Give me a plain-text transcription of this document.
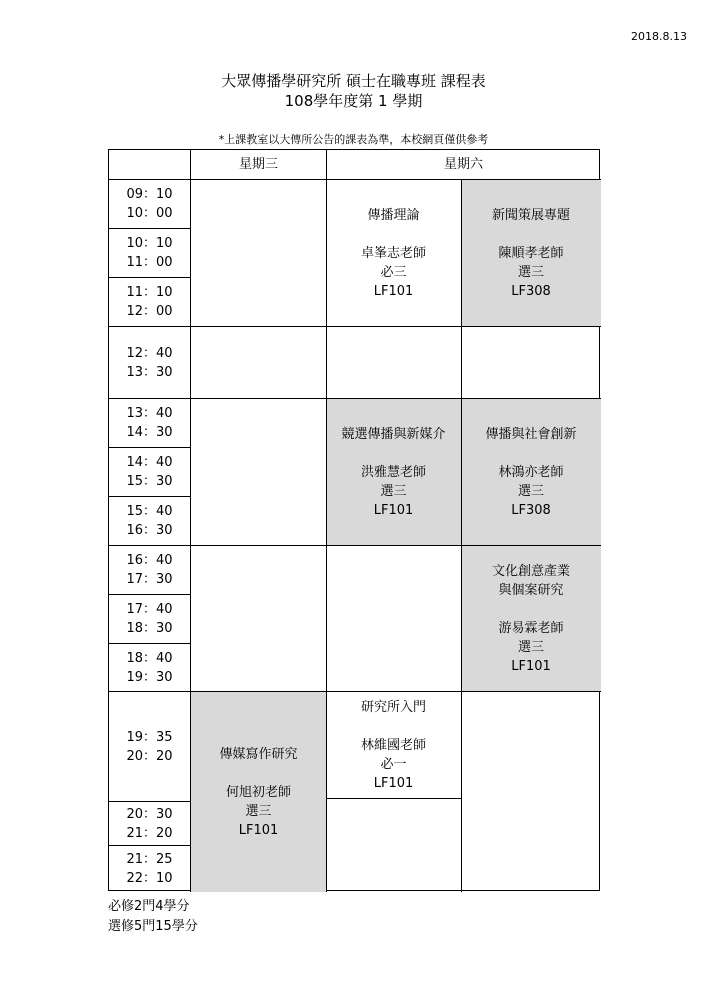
2018.8.13
大眾傳播學研究所 碩士在職專班 課程表
108學年度第 1 學期
*上課教室以大傳所公告的課表為準，本校網頁僅供參考
星期三	星期六
09：10
10：00
10：10
11：00
11：10
12：00
12：40
13：30
13：40
14：30
14：40
15：30
15：40
16：30
16：40
17：30
17：40
18：30
18：40
19：30
19：35
20：20
20：30
21：20
21：25
22：10
傳播理論
卓峯志老師
必三
LF101
新聞策展專題
陳順孝老師
選三
LF308
競選傳播與新媒介
洪雅慧老師
選三
LF101
傳播與社會創新
林鴻亦老師
選三
LF308
文化創意產業
與個案研究
游易霖老師
選三
LF101
研究所入門
林維國老師
必一
LF101
傳媒寫作研究
何旭初老師
選三
LF101
必修2門4學分
選修5門15學分
